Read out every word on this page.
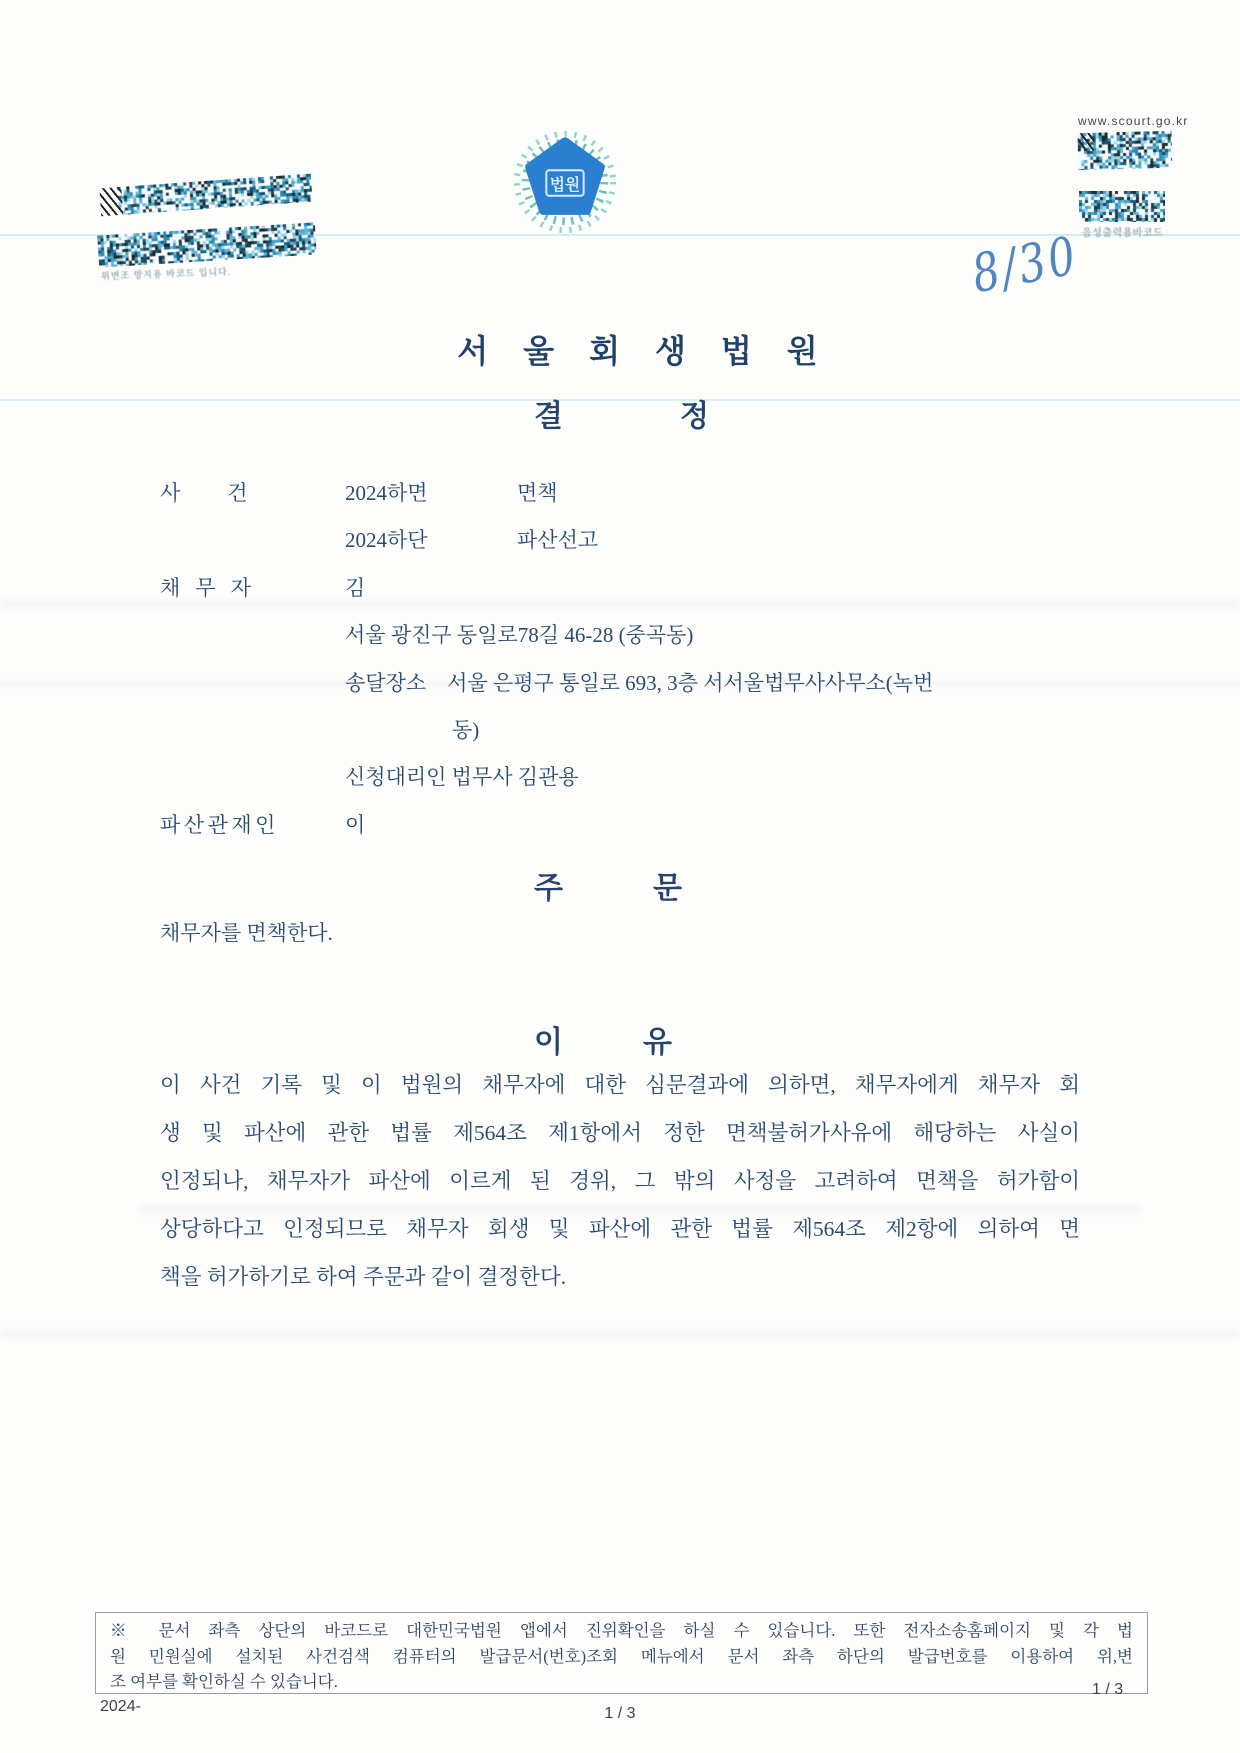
위변조 방지용 바코드 입니다.
법원
www.scourt.go.kr
음성출력용바코드
8/30
서울회생법원
결정
사건	2024하면	면책
2024하단	파산선고
채무자	김
서울 광진구 동일로78길 46-28 (중곡동)
송달장소    서울 은평구 통일로 693, 3층 서서울법무사사무소(녹번
동)
신청대리인 법무사 김관용
파산관재인	이
주문
채무자를 면책한다.
이유
이 사건 기록 및 이 법원의 채무자에 대한 심문결과에 의하면, 채무자에게 채무자 회
생 및 파산에 관한 법률 제564조 제1항에서 정한 면책불허가사유에 해당하는 사실이
인정되나, 채무자가 파산에 이르게 된 경위, 그 밖의 사정을 고려하여 면책을 허가함이
상당하다고 인정되므로 채무자 회생 및 파산에 관한 법률 제564조 제2항에 의하여 면
책을 허가하기로 하여 주문과 같이 결정한다.
※ 문서 좌측 상단의 바코드로 대한민국법원 앱에서 진위확인을 하실 수 있습니다. 또한 전자소송홈페이지 및 각 법
원 민원실에 설치된 사건검색 컴퓨터의 발급문서(번호)조회 메뉴에서 문서 좌측 하단의 발급번호를 이용하여 위,변
조 여부를 확인하실 수 있습니다.
2024-	1 / 3
1 / 3
